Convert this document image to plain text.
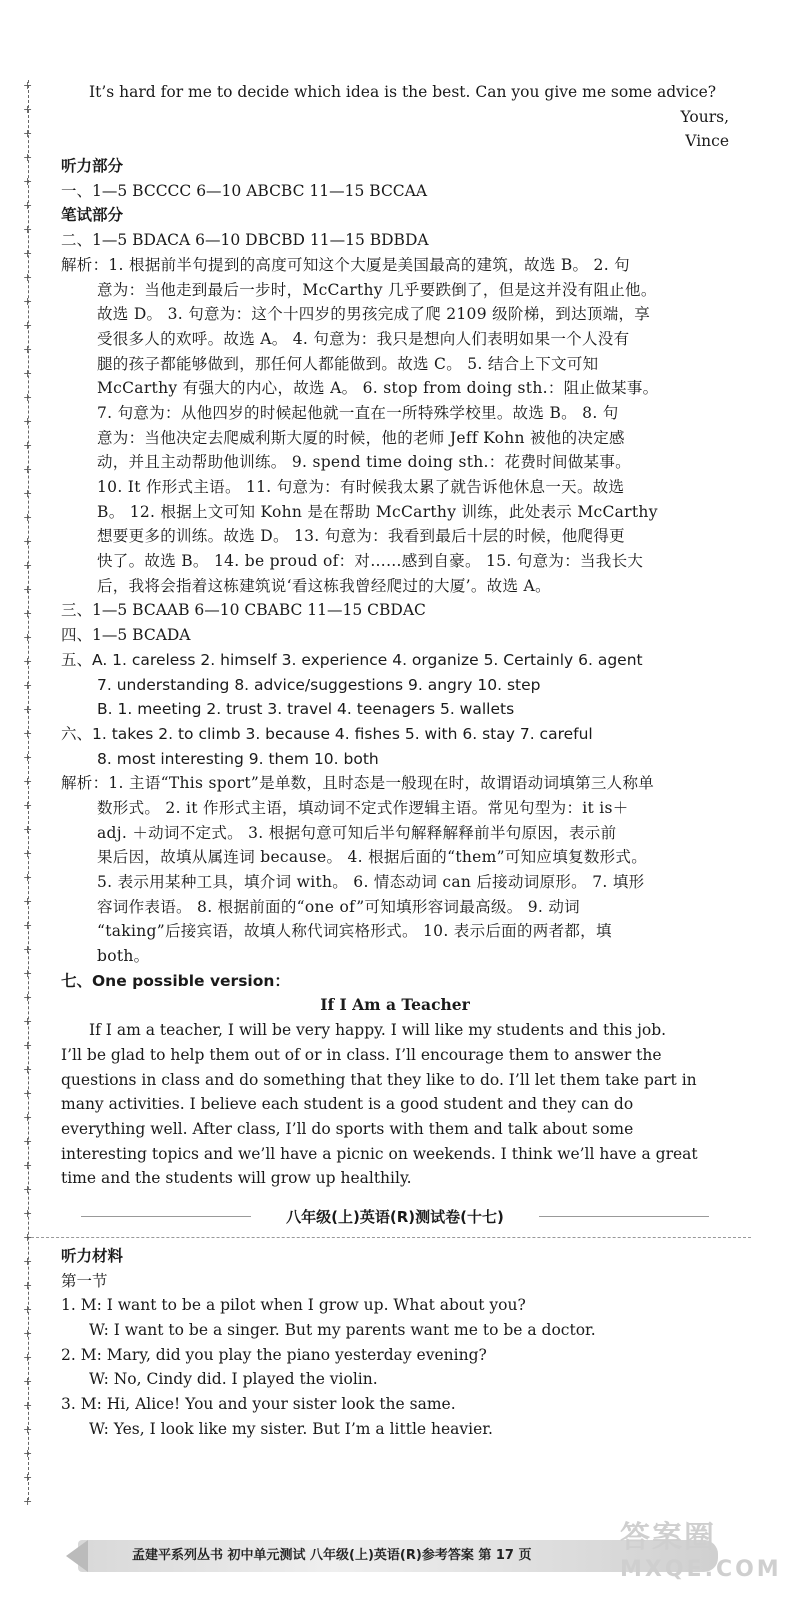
+
+
+
+
+
+
+
+
+
+
+
+
+
+
+
+
+
+
+
+
+
+
+
+
+
+
+
+
+
+
+
+
+
+
+
+
+
+
+
+
+
+
+
+
+
+
+
+
+
+
+
+
+
+
+
+
+
+
+
+
It’s hard for me to decide which idea is the best. Can you give me some advice?
Yours,
Vince
听力部分
一、1—5 BCCCC 6—10 ABCBC 11—15 BCCAA
笔试部分
二、1—5 BDACA 6—10 DBCBD 11—15 BDBDA
解析：1. 根据前半句提到的高度可知这个大厦是美国最高的建筑，故选 B。 2. 句
意为：当他走到最后一步时，McCarthy 几乎要跌倒了，但是这并没有阻止他。
故选 D。 3. 句意为：这个十四岁的男孩完成了爬 2109 级阶梯，到达顶端，享
受很多人的欢呼。故选 A。 4. 句意为：我只是想向人们表明如果一个人没有
腿的孩子都能够做到，那任何人都能做到。故选 C。 5. 结合上下文可知
McCarthy 有强大的内心，故选 A。 6. stop from doing sth.：阻止做某事。
7. 句意为：从他四岁的时候起他就一直在一所特殊学校里。故选 B。 8. 句
意为：当他决定去爬威利斯大厦的时候，他的老师 Jeff Kohn 被他的决定感
动，并且主动帮助他训练。 9. spend time doing sth.：花费时间做某事。
10. It 作形式主语。 11. 句意为：有时候我太累了就告诉他休息一天。故选
B。 12. 根据上文可知 Kohn 是在帮助 McCarthy 训练，此处表示 McCarthy
想要更多的训练。故选 D。 13. 句意为：我看到最后十层的时候，他爬得更
快了。故选 B。 14. be proud of：对……感到自豪。 15. 句意为：当我长大
后，我将会指着这栋建筑说‘看这栋我曾经爬过的大厦’。故选 A。
三、1—5 BCAAB 6—10 CBABC 11—15 CBDAC
四、1—5 BCADA
五、A. 1. careless 2. himself 3. experience 4. organize 5. Certainly 6. agent
7. understanding 8. advice/suggestions 9. angry 10. step
B. 1. meeting 2. trust 3. travel 4. teenagers 5. wallets
六、1. takes 2. to climb 3. because 4. fishes 5. with 6. stay 7. careful
8. most interesting 9. them 10. both
解析：1. 主语“This sport”是单数，且时态是一般现在时，故谓语动词填第三人称单
数形式。 2. it 作形式主语，填动词不定式作逻辑主语。常见句型为：it is＋
adj. ＋动词不定式。 3. 根据句意可知后半句解释解释前半句原因，表示前
果后因，故填从属连词 because。 4. 根据后面的“them”可知应填复数形式。
5. 表示用某种工具，填介词 with。 6. 情态动词 can 后接动词原形。 7. 填形
容词作表语。 8. 根据前面的“one of”可知填形容词最高级。 9. 动词
“taking”后接宾语，故填人称代词宾格形式。 10. 表示后面的两者都，填
both。
七、One possible version：
If I Am a Teacher
If I am a teacher, I will be very happy. I will like my students and this job.
I’ll be glad to help them out of or in class. I’ll encourage them to answer the
questions in class and do something that they like to do. I’ll let them take part in
many activities. I believe each student is a good student and they can do
everything well. After class, I’ll do sports with them and talk about some
interesting topics and we’ll have a picnic on weekends. I think we’ll have a great
time and the students will grow up healthily.
八年级(上)英语(R)测试卷(十七)
听力材料
第一节
1. M: I want to be a pilot when I grow up. What about you?
W: I want to be a singer. But my parents want me to be a doctor.
2. M: Mary, did you play the piano yesterday evening?
W: No, Cindy did. I played the violin.
3. M: Hi, Alice! You and your sister look the same.
W: Yes, I look like my sister. But I’m a little heavier.
孟建平系列丛书 初中单元测试 八年级(上)英语(R)参考答案 第 17 页
答案圈
MXQE.COM
